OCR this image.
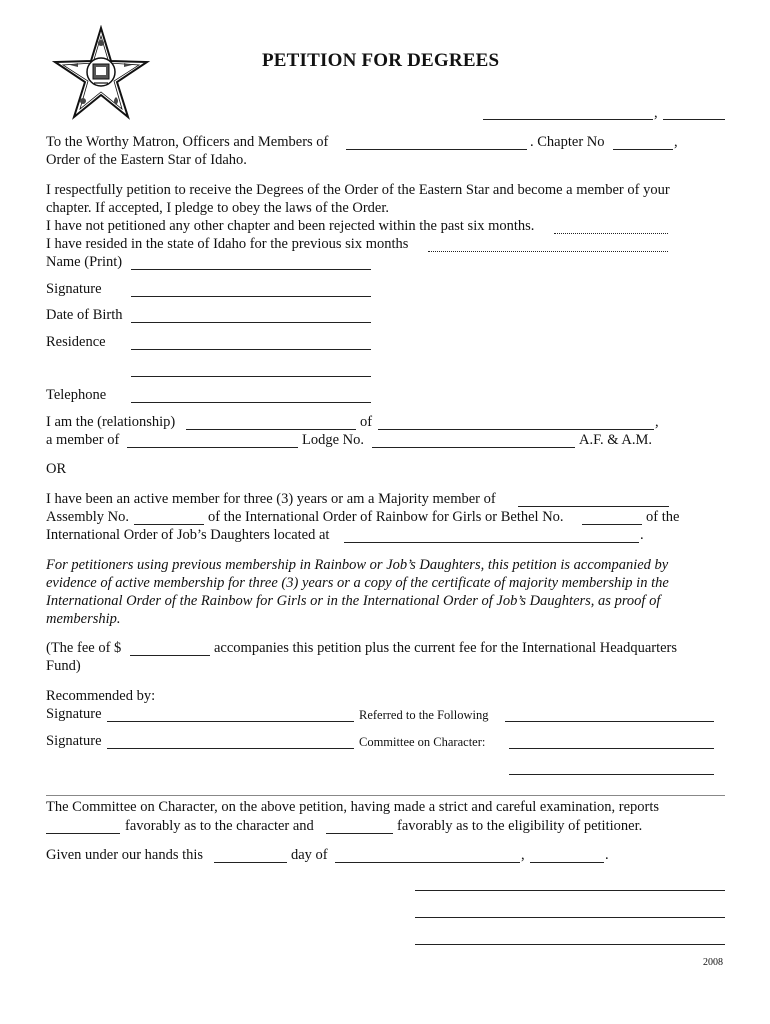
PETITION FOR DEGREES
,
To the Worthy Matron, Officers and Members of	. Chapter No	,
Order of the Eastern Star of Idaho.
I respectfully petition to receive the Degrees of the Order of the Eastern Star and become a member of your
chapter. If accepted, I pledge to obey the laws of the Order.
I have not petitioned any other chapter and been rejected within the past six months.
I have resided in the state of Idaho for the previous six months
Name (Print)
Signature
Date of Birth
Residence
Telephone
I am the (relationship)	of	,
a member of	Lodge No.	A.F. & A.M.
OR
I have been an active member for three (3) years or am a Majority member of
Assembly No.	of the International Order of Rainbow for Girls or Bethel No.	of the
International Order of Job’s Daughters located at	.
For petitioners using previous membership in Rainbow or Job’s Daughters, this petition is accompanied by
evidence of active membership for three (3) years or a copy of the certificate of majority membership in the
International Order of the Rainbow for Girls or in the International Order of Job’s Daughters, as proof of
membership.
(The fee of $	accompanies this petition plus the current fee for the International Headquarters
Fund)
Recommended by:
Signature	Referred to the Following
Signature	Committee on Character:
The Committee on Character, on the above petition, having made a strict and careful examination, reports
favorably as to the character and	favorably as to the eligibility of petitioner.
Given under our hands this	day of	,	.
2008
